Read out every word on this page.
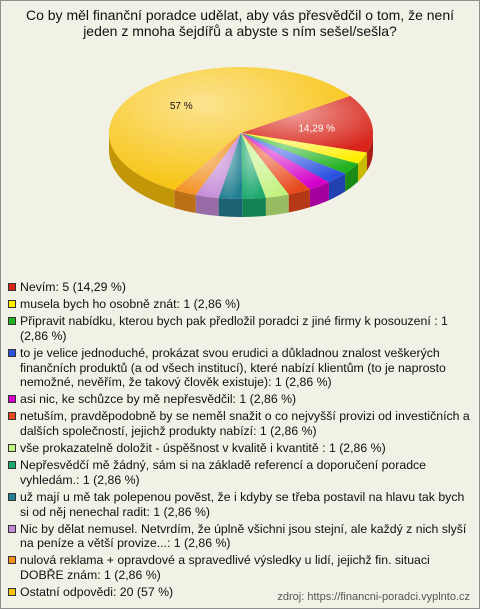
Co by měl finanční poradce udělat, aby vás přesvědčil o tom, že není jeden z mnoha šejdířů a abyste s ním sešel/sešla?
14,29 %
57 %
Nevím: 5 (14,29 %)
musela bych ho osobně znát: 1 (2,86 %)
Připravit nabídku, kterou bych pak předložil poradci z jiné firmy k posouzení : 1 (2,86 %)
to je velice jednoduché, prokázat svou erudici a důkladnou znalost veškerých finančních produktů (a od všech institucí), které nabízí klientům (to je naprosto nemožné, nevěřím, že takový člověk existuje): 1 (2,86 %)
asi nic, ke schůzce by mě nepřesvědčil: 1 (2,86 %)
netuším, pravděpodobně by se neměl snažit o co nejvyšší provizi od investičních a dalších společností, jejichž produkty nabízí: 1 (2,86 %)
vše prokazatelně doložit - úspěšnost v kvalitě i kvantitě : 1 (2,86 %)
Nepřesvědčí mě žádný, sám si na základě referencí a doporučení poradce vyhledám.: 1 (2,86 %)
už mají u mě tak polepenou povĕst, že i kdyby se třeba postavil na hlavu tak bych si od něj nenechal radit: 1 (2,86 %)
Nic by dělat nemusel. Netvrdím, že úplně všichni jsou stejní, ale každý z nich slyší na peníze a větší provize...: 1 (2,86 %)
nulová reklama + opravdové a spravedlivé výsledky u lidí, jejichž fin. situaci DOBŘE znám: 1 (2,86 %)
Ostatní odpovědi: 20 (57 %)	zdroj: https://financni-poradci.vyplnto.cz
